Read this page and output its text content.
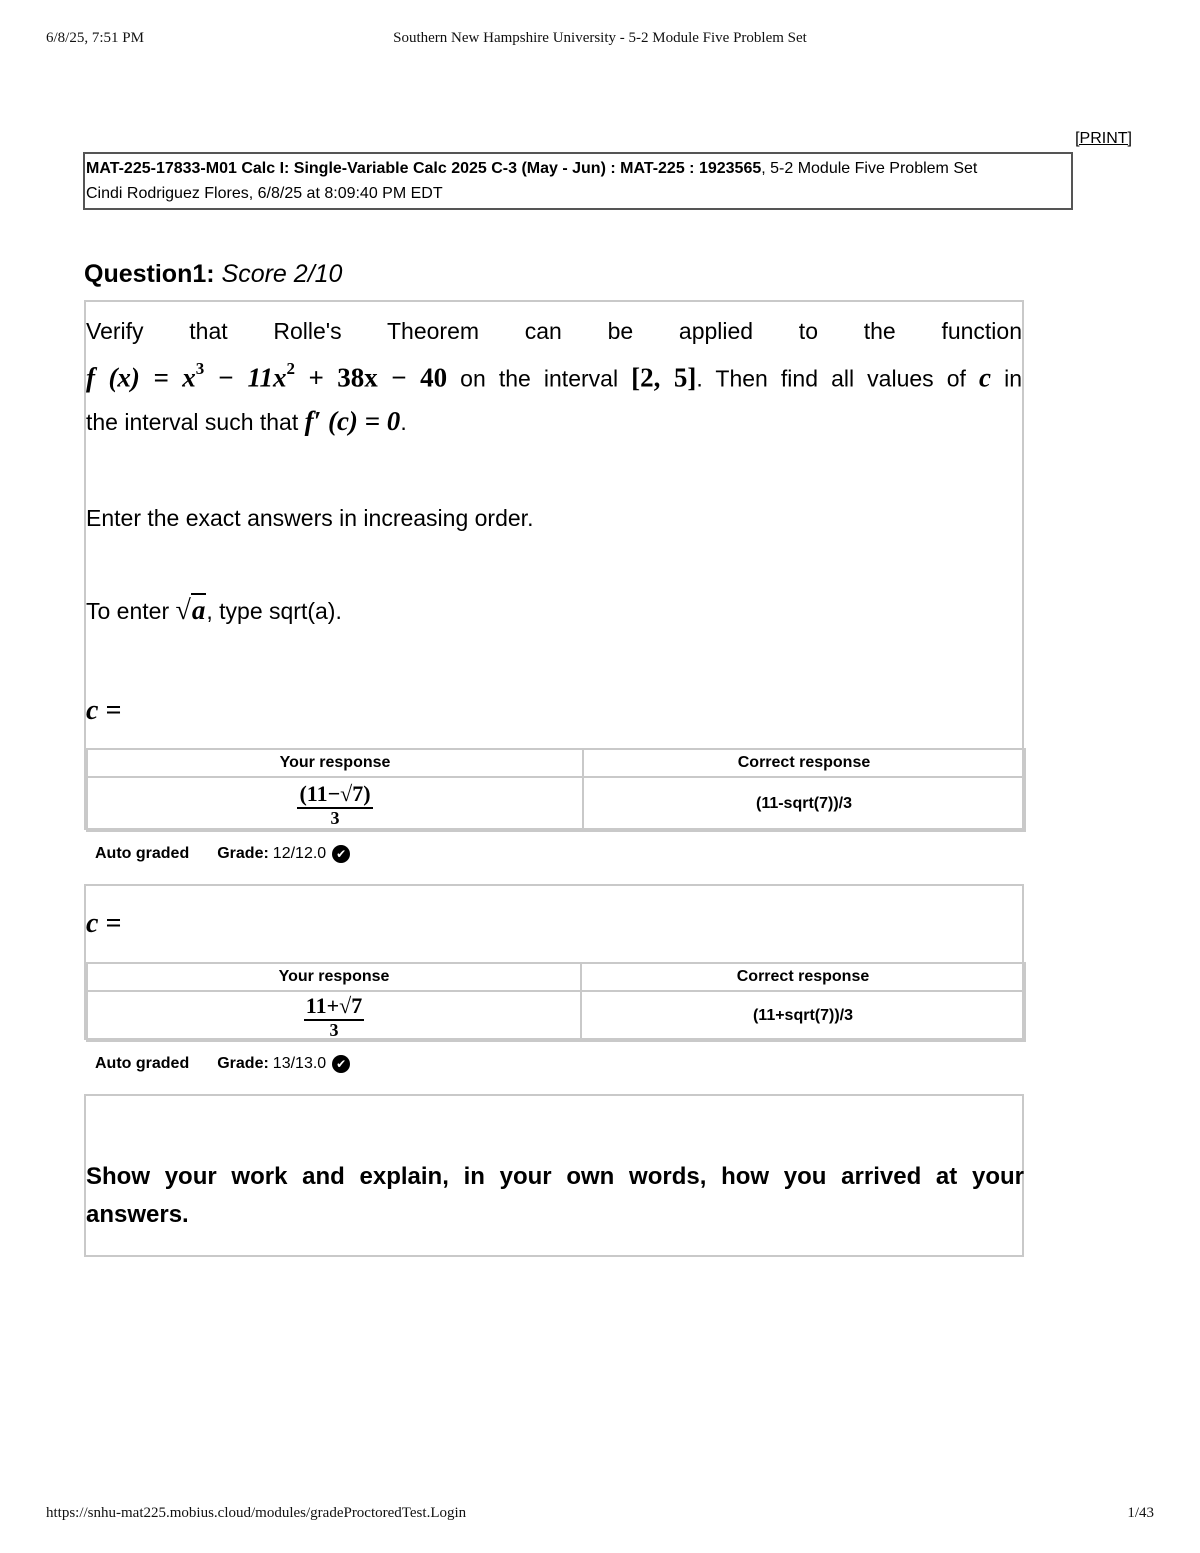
6/8/25, 7:51 PM	Southern New Hampshire University - 5-2 Module Five Problem Set
https://snhu-mat225.mobius.cloud/modules/gradeProctoredTest.Login	1/43
[PRINT]
MAT-225-17833-M01 Calc I: Single-Variable Calc 2025 C-3 (May - Jun) : MAT-225 : 1923565, 5-2 Module Five Problem Set
Cindi Rodriguez Flores, 6/8/25 at 8:09:40 PM EDT
Question1: Score 2/10

Verify that Rolle's Theorem can be applied to the function

f $(x) = x^3 - 11x^2 + 38x - 40$ on the interval [2, 5]. Then find all values of c in

the interval such that f′ (c) = 0.

Enter the exact answers in increasing order.

To enter √a, type sqrt(a).

c =

Your response	Correct response

$\frac{(11-√7)}{3}$	(11-sqrt(7))/3
Auto graded Grade: 12/12.0 ✔
c =
Your response	Correct response

$\frac{11+√7}{3}$	(11+sqrt(7))/3
Auto graded Grade: 13/13.0 ✔
Show your work and explain, in your own words, how you arrived at your answers.
